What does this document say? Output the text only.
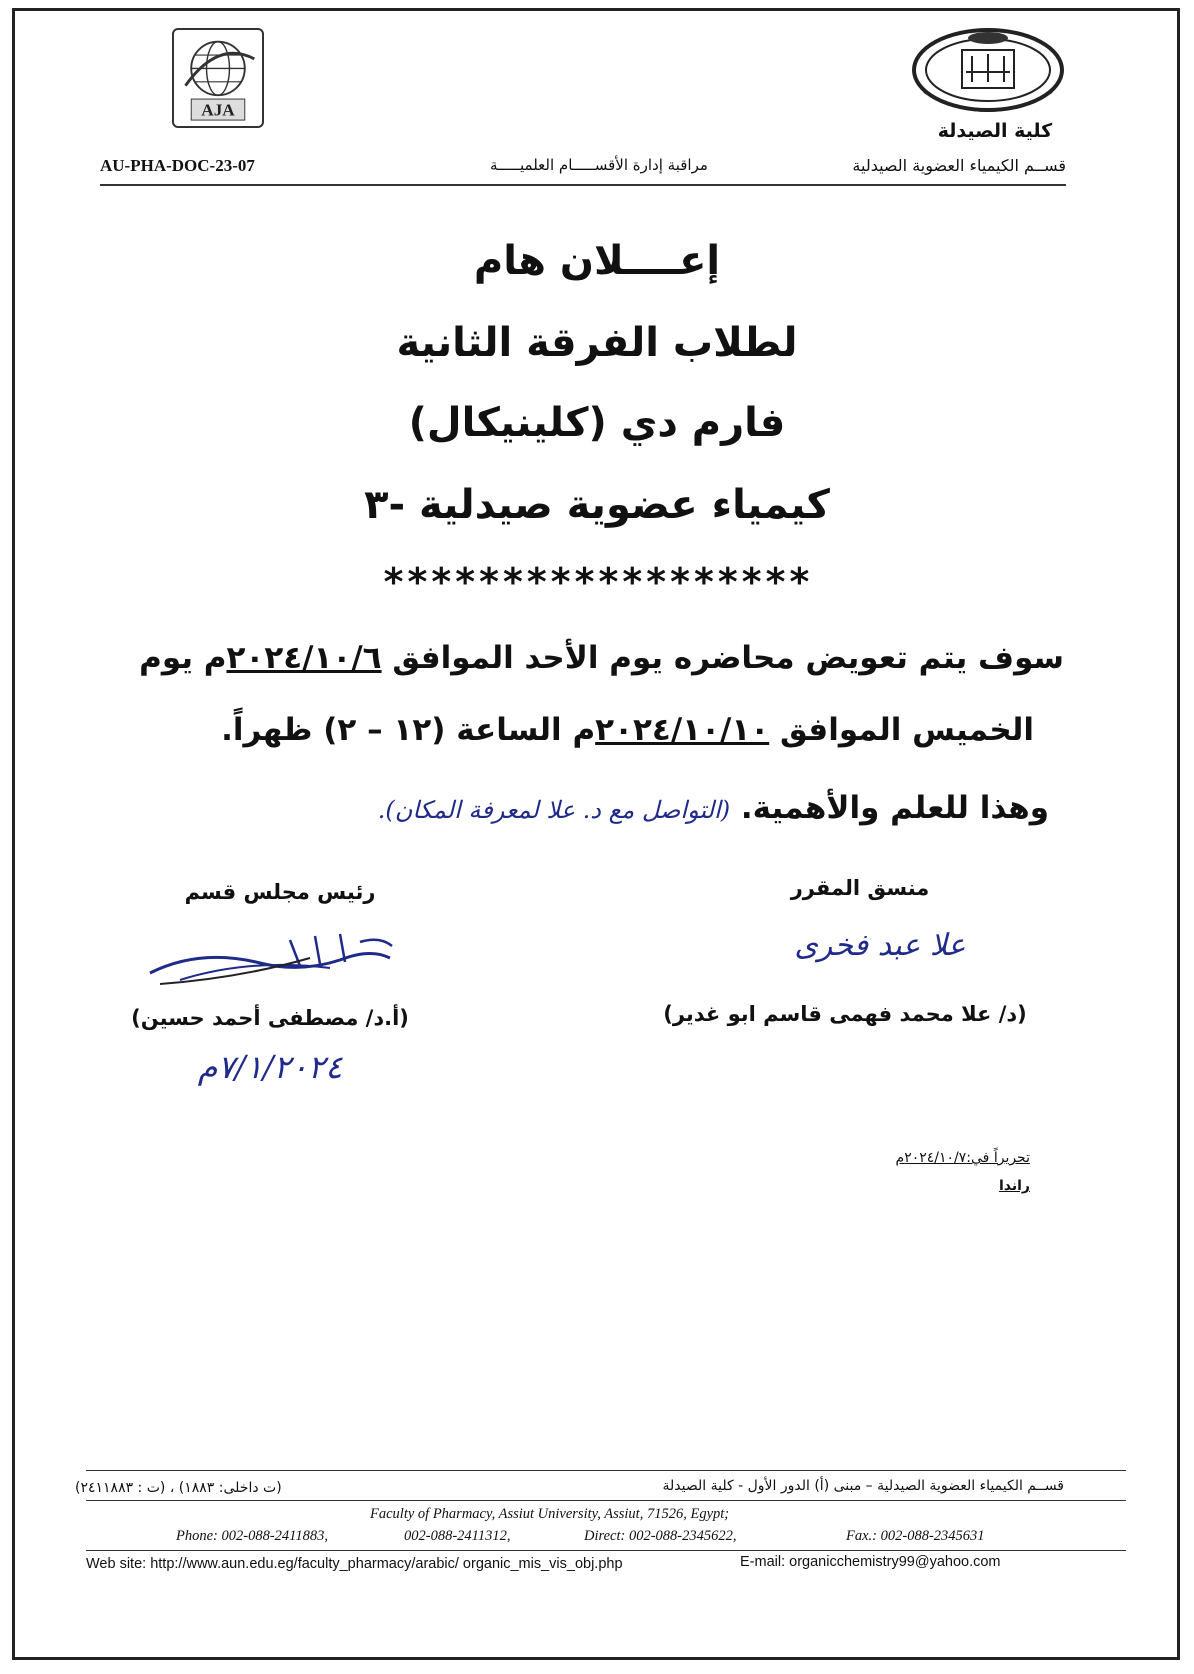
AJA
كلية الصيدلة
AU-PHA-DOC-23-07	مراقبة إدارة الأقســـــام العلميـــــة	قســم الكيمياء العضوية الصيدلية
إعــــلان هام
لطلاب الفرقة الثانية
فارم دي (كلينيكال)
كيمياء عضوية صيدلية -٣
******************
سوف يتم تعويض محاضره يوم الأحد الموافق ٢٠٢٤/١٠/٦م يوم
الخميس الموافق ٢٠٢٤/١٠/١٠م الساعة (١٢ – ٢) ظهراً.
وهذا للعلم والأهمية. (التواصل مع د. علا لمعرفة المكان).
منسق المقرر
رئيس مجلس قسم
علا عبد فخرى
(د/ علا محمد فهمى قاسم ابو غدير)
(أ.د/ مصطفى أحمد حسين)
٧/١/٢٠٢٤م
تحريراً في:٢٠٢٤/١٠/٧م
راندا
قســم الكيمياء العضوية الصيدلية – مبنى (أ) الدور الأول - كلية الصيدلة
(ت داخلى: ١٨٨٣) ، (ت : ٢٤١١٨٨٣)
Faculty of Pharmacy, Assiut University, Assiut, 71526, Egypt;
Phone: 002-088-2411883,	002-088-2411312,	Direct: 002-088-2345622,	Fax.: 002-088-2345631
Web site: http://www.aun.edu.eg/faculty_pharmacy/arabic/ organic_mis_vis_obj.php	E-mail: organicchemistry99@yahoo.com
